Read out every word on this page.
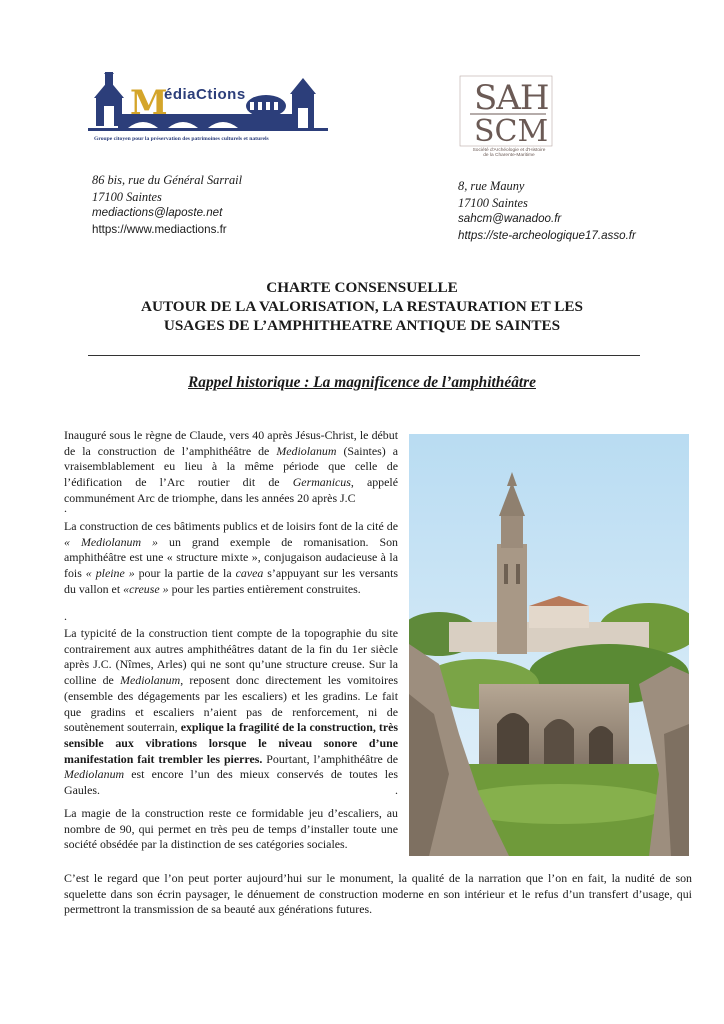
M
édiaCtions
Groupe citoyen pour la préservation des patrimoines culturels et naturels
SAH
SCM
Société d'Archéologie et d'Histoire
de la Charente-Maritime
86 bis, rue du Général Sarrail
17100 Saintes
mediactions@laposte.net
https://www.mediactions.fr
8, rue Mauny
17100 Saintes
sahcm@wanadoo.fr
https://ste-archeologique17.asso.fr
CHARTE CONSENSUELLE
AUTOUR DE LA VALORISATION, LA RESTAURATION ET LES
USAGES DE L’AMPHITHEATRE ANTIQUE DE SAINTES
Rappel historique : La magnificence de l’amphithéâtre
Inauguré sous le règne de Claude, vers 40 après Jésus-Christ, le début de la construction de l’amphithéâtre de Mediolanum (Saintes) a vraisemblablement eu lieu à la même période que celle de l’édification de l’Arc routier dit de Germanicus, appelé communément Arc de triomphe, dans les années 20 après J.C
.
La construction de ces bâtiments publics et de loisirs font de la cité de « Mediolanum » un grand exemple de romanisation. Son amphithéâtre est une « structure mixte », conjugaison audacieuse à la fois « pleine » pour la partie de la cavea s’appuyant sur les versants du vallon et «creuse » pour les parties entièrement construites.
.
La typicité de la construction tient compte de la topographie du site contrairement aux autres amphithéâtres datant de la fin du 1er siècle après J.C. (Nîmes, Arles) qui ne sont qu’une structure creuse. Sur la colline de Mediolanum, reposent donc directement les vomitoires (ensemble des dégagements par les escaliers) et les gradins. Le fait que gradins et escaliers n’aient pas de renforcement, ni de soutènement souterrain, explique la fragilité de la construction, très sensible aux vibrations lorsque le niveau sonore d’une manifestation fait trembler les pierres. Pourtant, l’amphithéâtre de Mediolanum est encore l’un des mieux conservés de toutes les Gaules.	.
La magie de la construction reste ce formidable jeu d’escaliers, au nombre de 90, qui permet en très peu de temps d’installer toute une société obsédée par la distinction de ses catégories sociales.
C’est le regard que l’on peut porter aujourd’hui sur le monument, la qualité de la narration que l’on en fait, la nudité de son squelette dans son écrin paysager, le dénuement de construction moderne en son intérieur et le refus d’un transfert d’usage, qui permettront la transmission de sa beauté aux générations futures.
